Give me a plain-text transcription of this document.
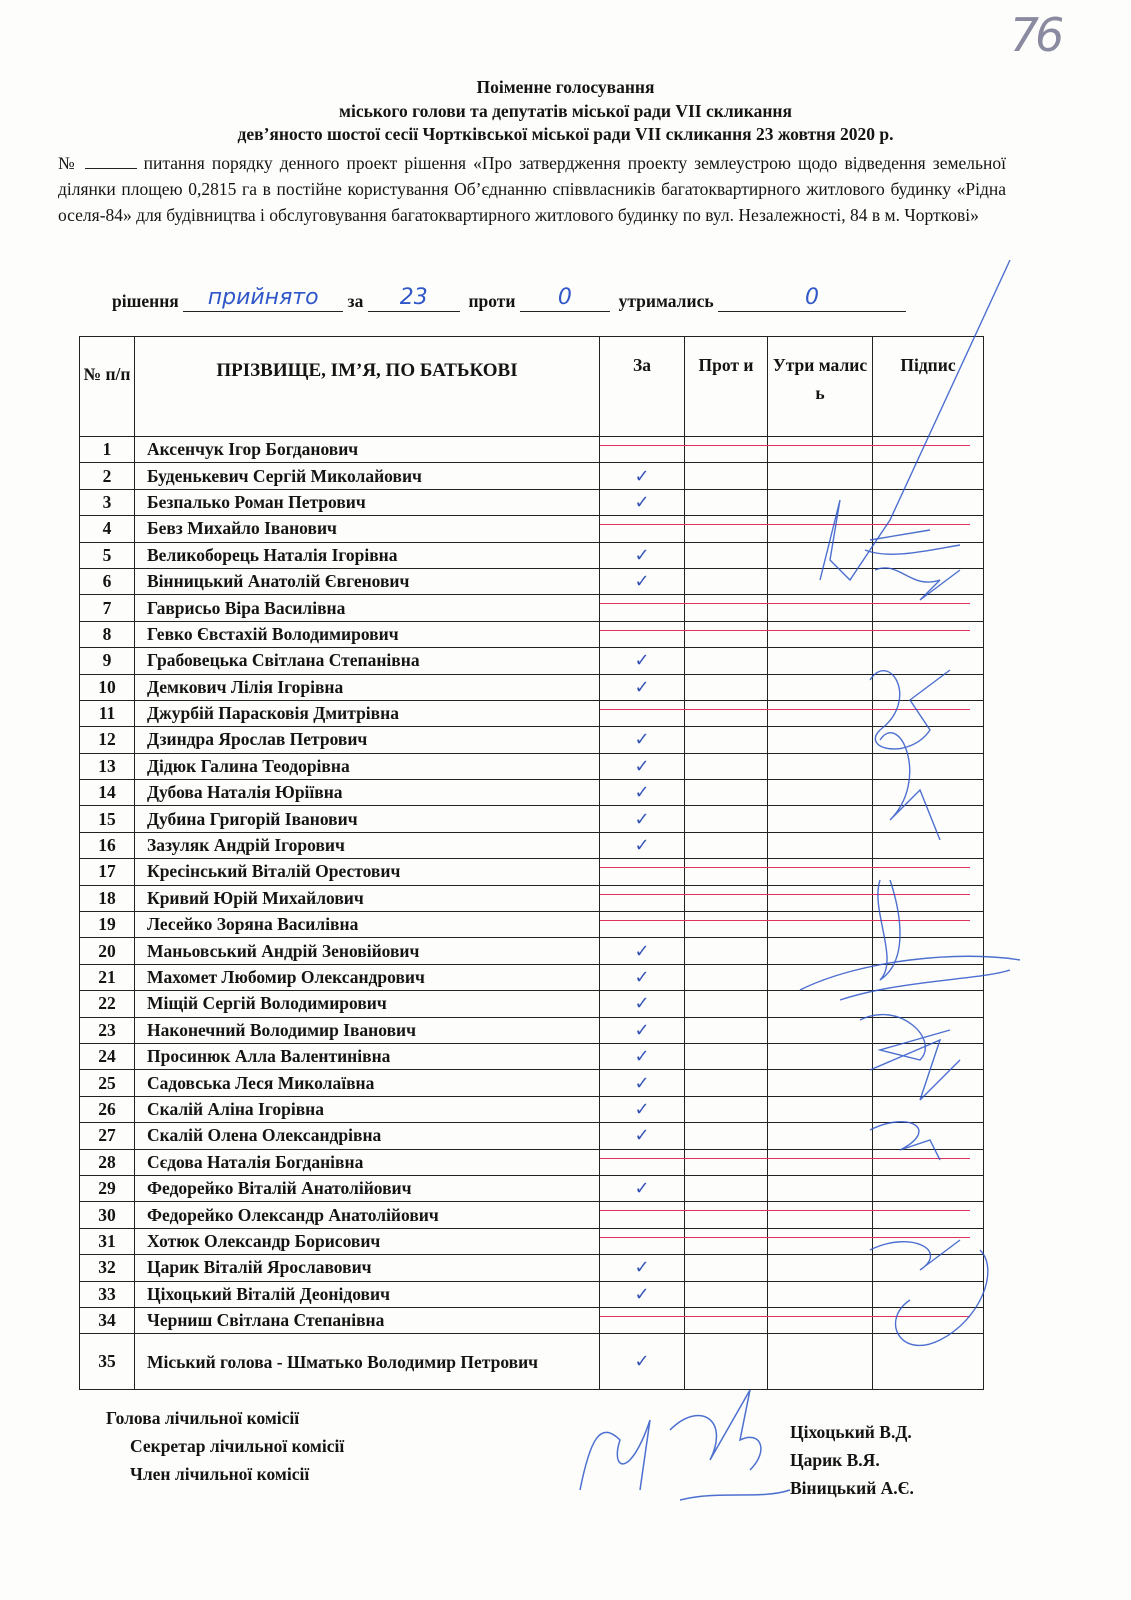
76
Поіменне голосування
міського голови та депутатів міської ради VII скликання
дев’яносто шостої сесії Чортківської міської ради VII скликання 23 жовтня 2020 р.
№	питання порядку денного проект рішення «Про затвердження проекту землеустрою щодо відведення земельної ділянки площею 0,2815 га в постійне користування Об’єднанню співвласників багатоквартирного житлового будинку «Рідна оселя-84» для будівництва і обслуговування багатоквартирного житлового будинку по вул. Незалежності, 84 в м. Чорткові»
рішення прийнято за 23 проти 0	утримались	0
№ п/п	ПРІЗВИЩЕ, ІМ’Я, ПО БАТЬКОВІ	За	Прот и	Утри малис ь	Підпис
1	Аксенчук Ігор Богданович				
2	Буденькевич Сергій Миколайович	✓			
3	Безпалько Роман Петрович	✓			
4	Бевз Михайло Іванович				
5	Великоборець Наталія Ігорівна	✓			
6	Вінницький Анатолій Євгенович	✓			
7	Гаврисьо Віра Василівна				
8	Гевко Євстахій Володимирович				
9	Грабовецька Світлана Степанівна	✓			
10	Демкович Лілія Ігорівна	✓			
11	Джурбій Парасковія Дмитрівна				
12	Дзиндра Ярослав Петрович	✓			
13	Дідюк Галина Теодорівна	✓			
14	Дубова Наталія Юріївна	✓			
15	Дубина Григорій Іванович	✓			
16	Зазуляк Андрій Ігорович	✓			
17	Кресінський Віталій Орестович				
18	Кривий Юрій Михайлович				
19	Лесейко Зоряна Василівна				
20	Маньовський Андрій Зеновійович	✓			
21	Махомет Любомир Олександрович	✓			
22	Міщій Сергій Володимирович	✓			
23	Наконечний Володимир Іванович	✓			
24	Просинюк Алла Валентинівна	✓			
25	Садовська Леся Миколаївна	✓			
26	Скалій Аліна Ігорівна	✓			
27	Скалій Олена Олександрівна	✓			
28	Сєдова Наталія Богданівна				
29	Федорейко Віталій Анатолійович	✓			
30	Федорейко Олександр Анатолійович				
31	Хотюк Олександр Борисович				
32	Царик Віталій Ярославович	✓			
33	Ціхоцький Віталій Деонідович	✓			
34	Черниш Світлана Степанівна				
35	Міський голова - Шматько Володимир Петрович	✓			
Голова лічильної комісії
Секретар лічильної комісії
Член лічильної комісії
Ціхоцький В.Д.
Царик В.Я.
Віницький А.Є.
